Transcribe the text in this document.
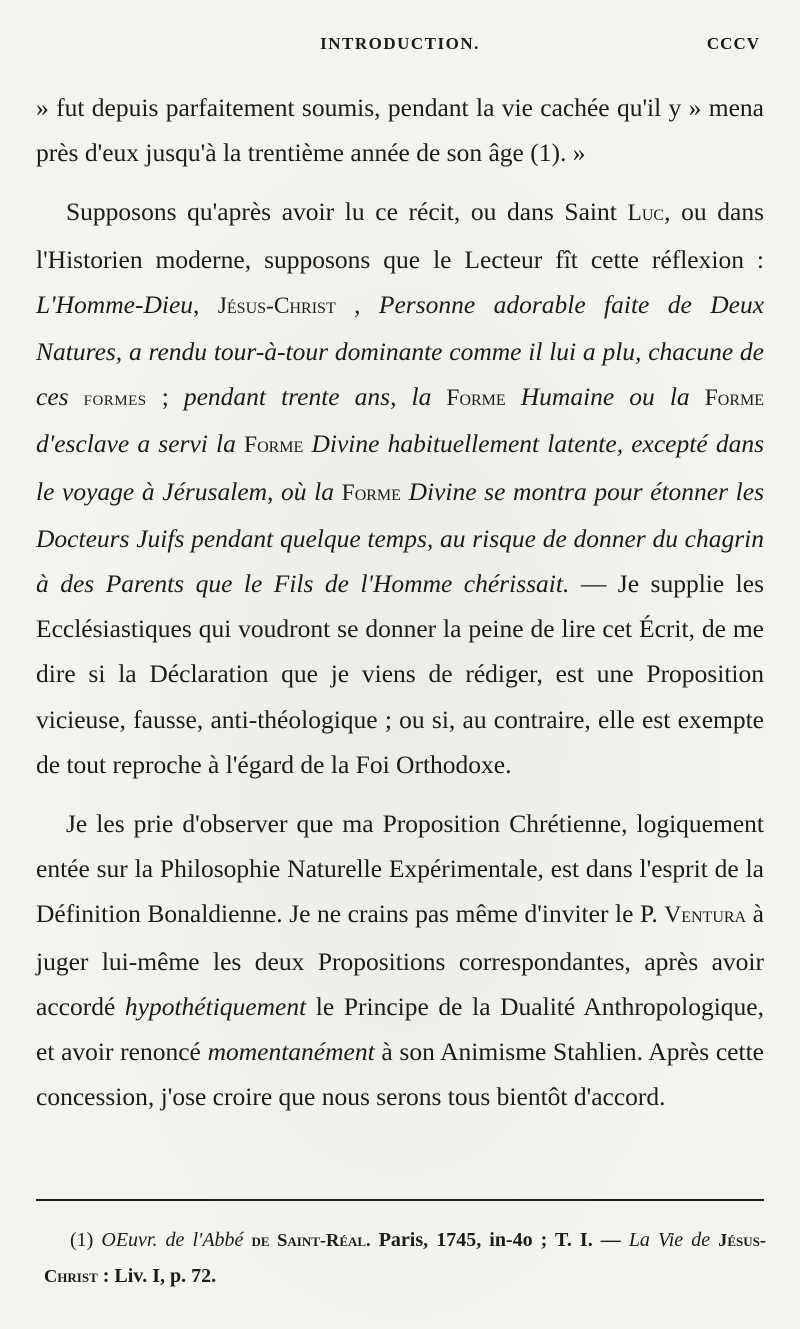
INTRODUCTION.	CCCV

» fut depuis parfaitement soumis, pendant la vie cachée qu'il y » mena près d'eux jusqu'à la trentième année de son âge (1). »

Supposons qu'après avoir lu ce récit, ou dans Saint Luc, ou dans l'Historien moderne, supposons que le Lecteur fît cette réflexion : L'Homme-Dieu, Jésus-Christ , Personne adorable faite de Deux Natures, a rendu tour-à-tour dominante comme il lui a plu, chacune de ces formes ; pendant trente ans, la Forme Humaine ou la Forme d'esclave a servi la Forme Divine habituellement latente, excepté dans le voyage à Jérusalem, où la Forme Divine se montra pour étonner les Docteurs Juifs pendant quelque temps, au risque de donner du chagrin à des Parents que le Fils de l'Homme chérissait. — Je supplie les Ecclésiastiques qui voudront se donner la peine de lire cet Écrit, de me dire si la Déclaration que je viens de rédiger, est une Proposition vicieuse, fausse, anti-théologique ; ou si, au contraire, elle est exempte de tout reproche à l'égard de la Foi Orthodoxe.

Je les prie d'observer que ma Proposition Chrétienne, logiquement entée sur la Philosophie Naturelle Expérimentale, est dans l'esprit de la Définition Bonaldienne. Je ne crains pas même d'inviter le P. Ventura à juger lui-même les deux Propositions correspondantes, après avoir accordé hypothétiquement le Principe de la Dualité Anthropologique, et avoir renoncé momentanément à son Animisme Stahlien. Après cette concession, j'ose croire que nous serons tous bientôt d'accord.

(1) OEuvr. de l'Abbé de Saint-Réal. Paris, 1745, in-4o ; T. I. — La Vie de Jésus-Christ : Liv. I, p. 72.
